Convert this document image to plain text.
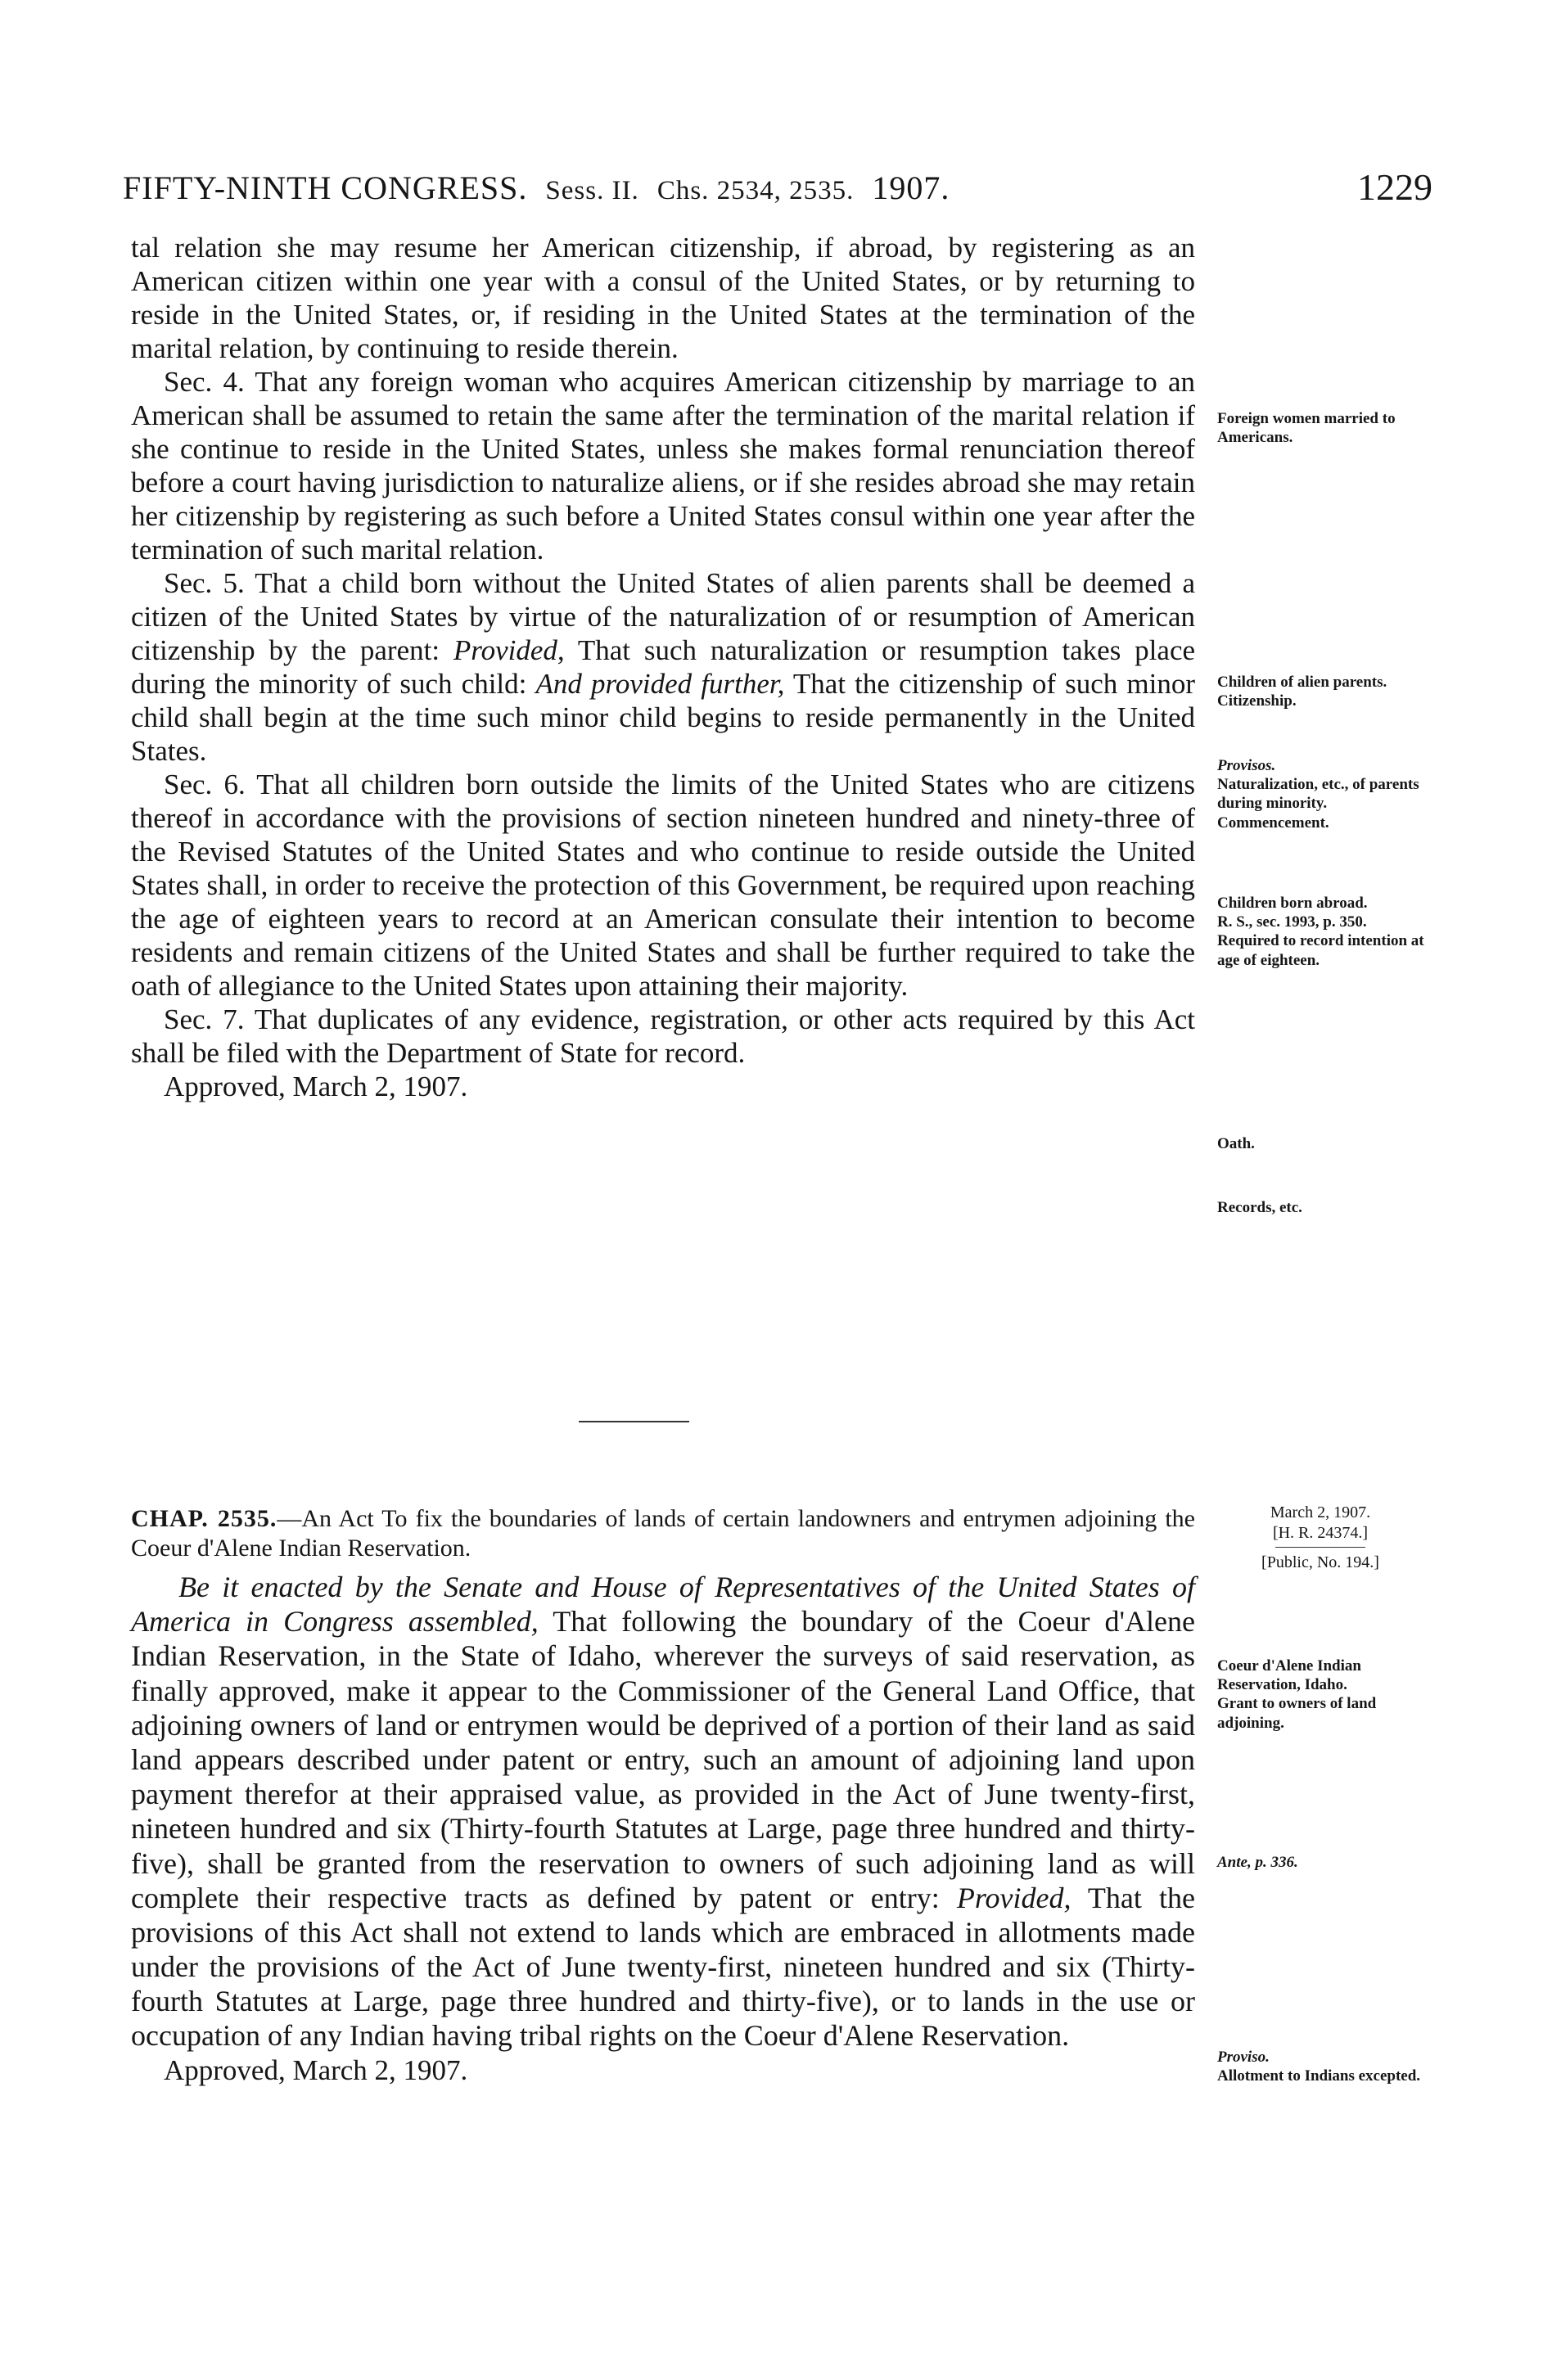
FIFTY-NINTH CONGRESS. Sess. II. Chs. 2534, 2535. 1907.	1229

tal relation she may resume her American citizenship, if abroad, by registering as an American citizen within one year with a consul of the United States, or by returning to reside in the United States, or, if residing in the United States at the termination of the marital relation, by continuing to reside therein.

Sec. 4. That any foreign woman who acquires American citizenship by marriage to an American shall be assumed to retain the same after the termination of the marital relation if she continue to reside in the United States, unless she makes formal renunciation thereof before a court having jurisdiction to naturalize aliens, or if she resides abroad she may retain her citizenship by registering as such before a United States consul within one year after the termination of such marital relation.

Sec. 5. That a child born without the United States of alien parents shall be deemed a citizen of the United States by virtue of the naturalization of or resumption of American citizenship by the parent: Provided, That such naturalization or resumption takes place during the minority of such child: And provided further, That the citizenship of such minor child shall begin at the time such minor child begins to reside permanently in the United States.

Sec. 6. That all children born outside the limits of the United States who are citizens thereof in accordance with the provisions of section nineteen hundred and ninety-three of the Revised Statutes of the United States and who continue to reside outside the United States shall, in order to receive the protection of this Government, be required upon reaching the age of eighteen years to record at an American consulate their intention to become residents and remain citizens of the United States and shall be further required to take the oath of allegiance to the United States upon attaining their majority.

Sec. 7. That duplicates of any evidence, registration, or other acts required by this Act shall be filed with the Department of State for record.

Approved, March 2, 1907.

Foreign women married to Americans.
Children of alien parents.
Citizenship.
Provisos.
Naturalization, etc., of parents during minority.
Commencement.
Children born abroad.
R. S., sec. 1993, p. 350.
Required to record intention at age of eighteen.
Oath.
Records, etc.
CHAP. 2535.—An Act To fix the boundaries of lands of certain landowners and entrymen adjoining the Coeur d'Alene Indian Reservation.
March 2, 1907.
[H. R. 24374.]
[Public, No. 194.]

Be it enacted by the Senate and House of Representatives of the United States of America in Congress assembled, That following the boundary of the Coeur d'Alene Indian Reservation, in the State of Idaho, wherever the surveys of said reservation, as finally approved, make it appear to the Commissioner of the General Land Office, that adjoining owners of land or entrymen would be deprived of a portion of their land as said land appears described under patent or entry, such an amount of adjoining land upon payment therefor at their appraised value, as provided in the Act of June twenty-first, nineteen hundred and six (Thirty-fourth Statutes at Large, page three hundred and thirty-five), shall be granted from the reservation to owners of such adjoining land as will complete their respective tracts as defined by patent or entry: Provided, That the provisions of this Act shall not extend to lands which are embraced in allotments made under the provisions of the Act of June twenty-first, nineteen hundred and six (Thirty-fourth Statutes at Large, page three hundred and thirty-five), or to lands in the use or occupation of any Indian having tribal rights on the Coeur d'Alene Reservation.

Approved, March 2, 1907.

Coeur d'Alene Indian Reservation, Idaho.
Grant to owners of land adjoining.
Ante, p. 336.
Proviso.
Allotment to Indians excepted.
